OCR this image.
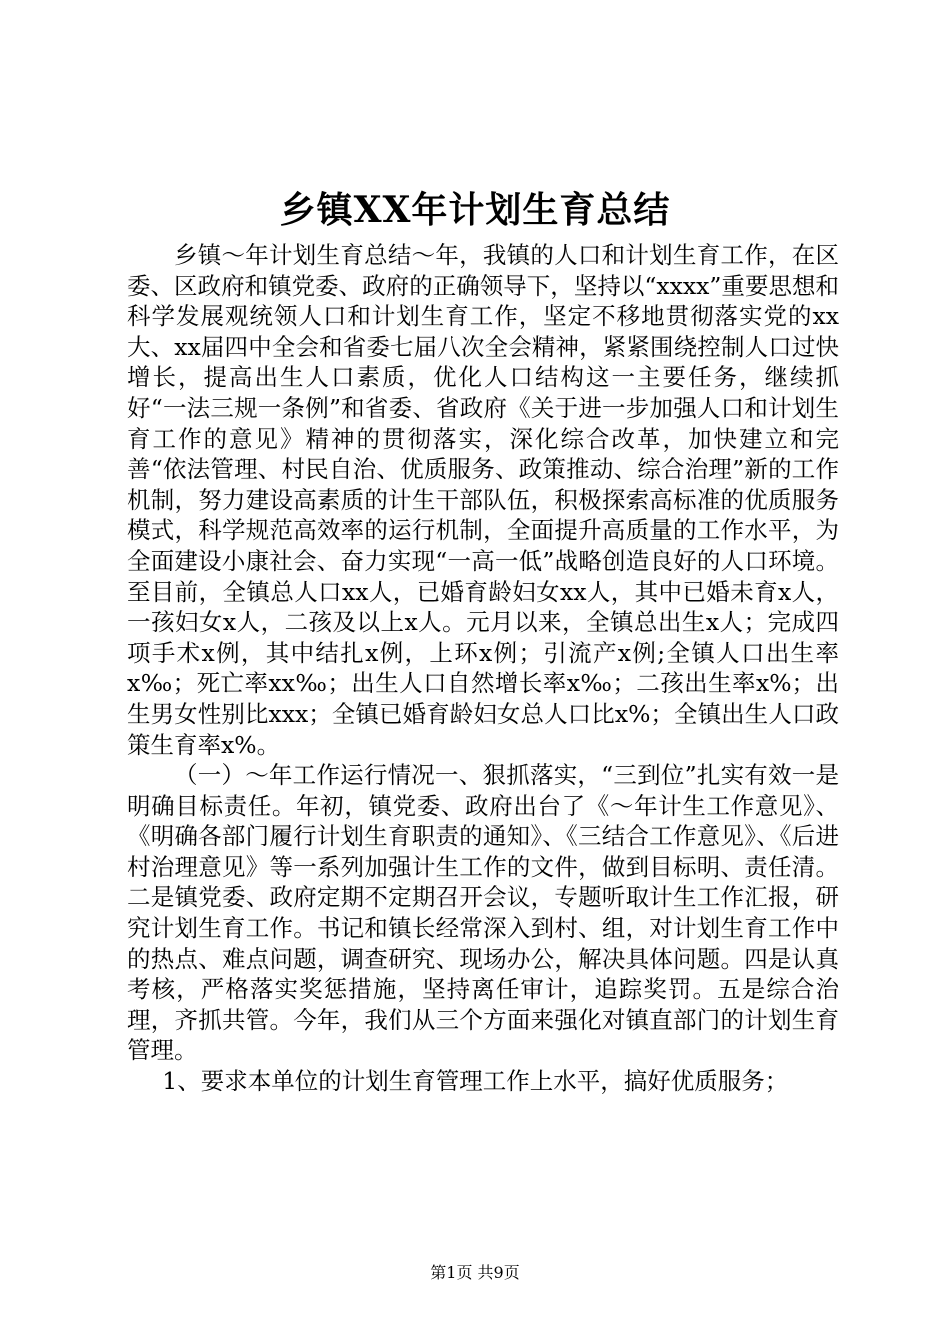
乡镇XX年计划生育总结

乡镇～年计划生育总结～年，我镇的人口和计划生育工作，在区委、区政府和镇党委、政府的正确领导下，坚持以“xxxx”重要思想和科学发展观统领人口和计划生育工作，坚定不移地贯彻落实党的xx大、xx届四中全会和省委七届八次全会精神，紧紧围绕控制人口过快增长，提高出生人口素质，优化人口结构这一主要任务，继续抓好“一法三规一条例”和省委、省政府《关于进一步加强人口和计划生育工作的意见》精神的贯彻落实，深化综合改革，加快建立和完善“依法管理、村民自治、优质服务、政策推动、综合治理”新的工作机制，努力建设高素质的计生干部队伍，积极探索高标准的优质服务模式，科学规范高效率的运行机制，全面提升高质量的工作水平，为全面建设小康社会、奋力实现“一高一低”战略创造良好的人口环境。至目前，全镇总人口xx人，已婚育龄妇女xx人，其中已婚未育x人，一孩妇女x人，二孩及以上x人。元月以来，全镇总出生x人；完成四项手术x例，其中结扎x例，上环x例；引流产x例;全镇人口出生率x‰；死亡率xx‰；出生人口自然增长率x‰；二孩出生率x%；出生男女性别比xxx；全镇已婚育龄妇女总人口比x%；全镇出生人口政策生育率x%。

（一）～年工作运行情况一、狠抓落实，“三到位”扎实有效一是明确目标责任。年初，镇党委、政府出台了《～年计生工作意见》、《明确各部门履行计划生育职责的通知》、《三结合工作意见》、《后进村治理意见》等一系列加强计生工作的文件，做到目标明、责任清。二是镇党委、政府定期不定期召开会议，专题听取计生工作汇报，研究计划生育工作。书记和镇长经常深入到村、组，对计划生育工作中的热点、难点问题，调查研究、现场办公，解决具体问题。四是认真考核，严格落实奖惩措施，坚持离任审计，追踪奖罚。五是综合治理，齐抓共管。今年，我们从三个方面来强化对镇直部门的计划生育管理。

1、要求本单位的计划生育管理工作上水平，搞好优质服务；

第1页 共9页
